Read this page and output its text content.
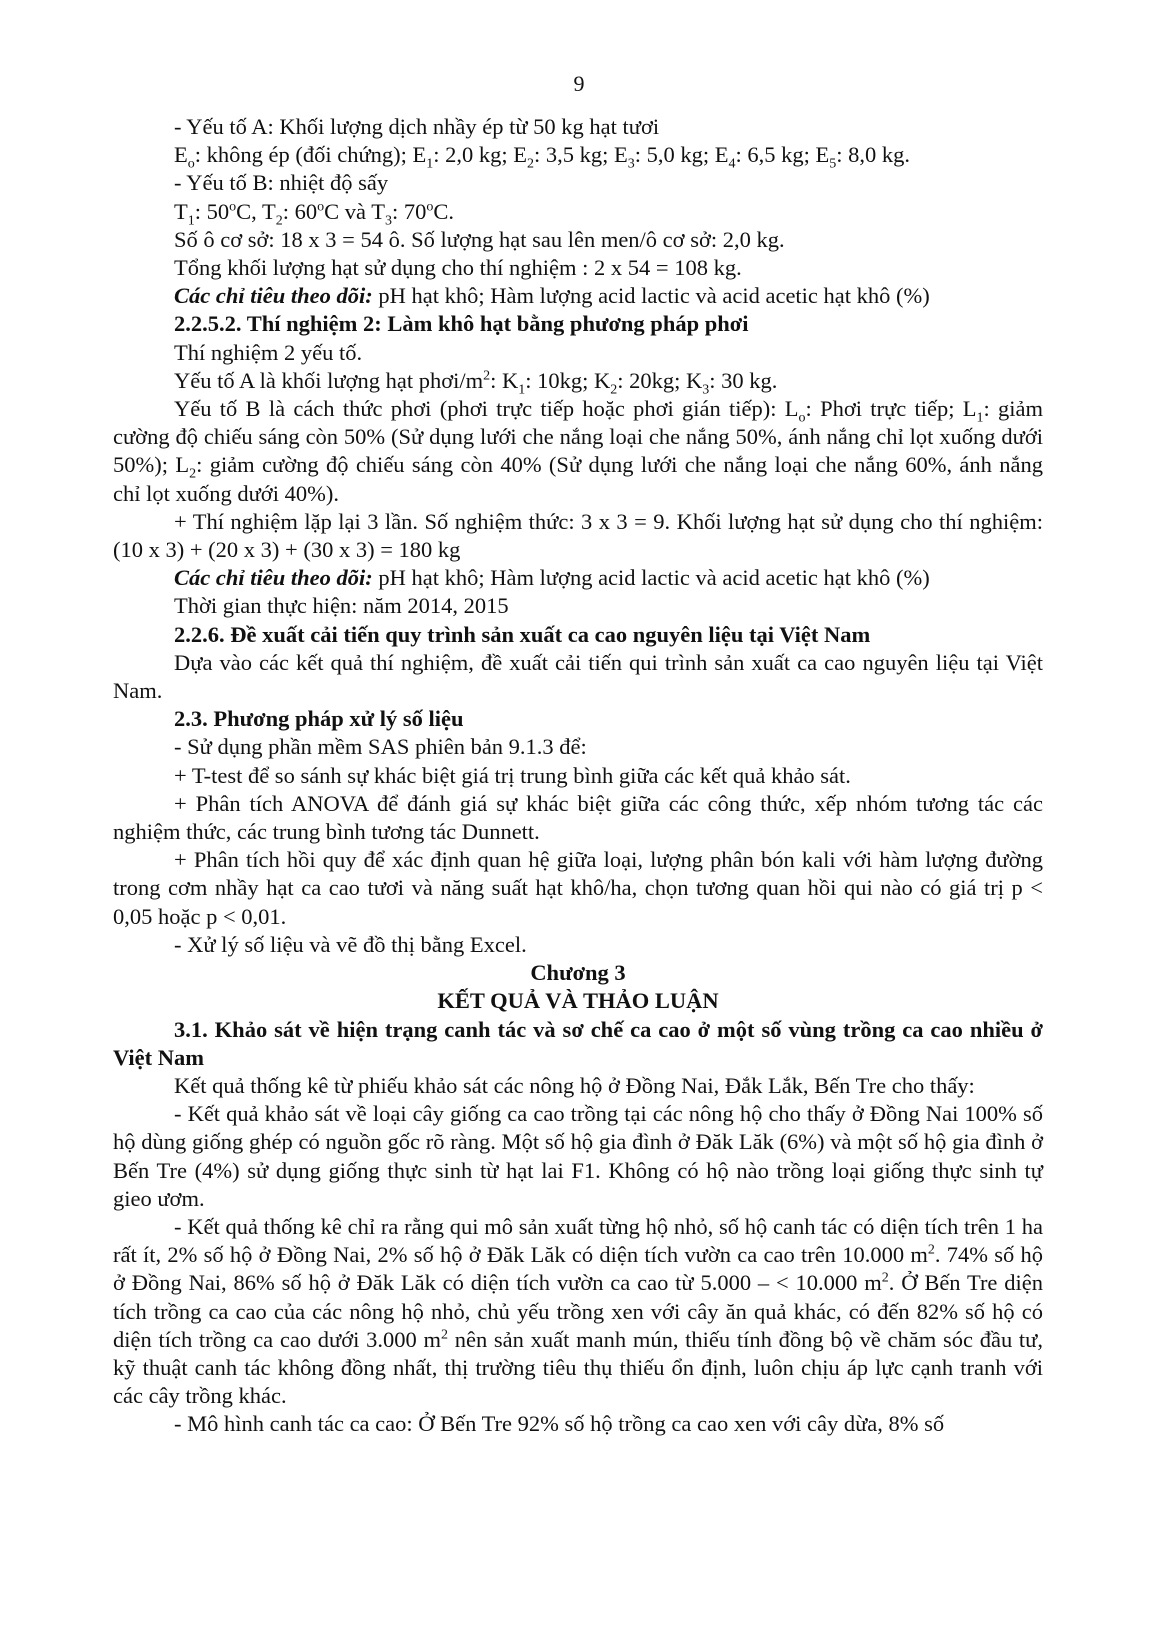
9

- Yếu tố A: Khối lượng dịch nhầy ép từ 50 kg hạt tươi

$E_o$: không ép (đối chứng); $E_1$: 2,0 kg; $E_2$: 3,5 kg; $E_3$: 5,0 kg; $E_4$: 6,5 kg; $E_5$: 8,0 kg.

- Yếu tố B: nhiệt độ sấy

$T_1$: 50$^o$C, $T_2$: 60$^o$C và $T_3$: 70$^o$C.

Số ô cơ sở: 18 x 3 = 54 ô. Số lượng hạt sau lên men/ô cơ sở: 2,0 kg.

Tổng khối lượng hạt sử dụng cho thí nghiệm : 2 x 54 = 108 kg.

Các chỉ tiêu theo dõi: pH hạt khô; Hàm lượng acid lactic và acid acetic hạt khô (%)

2.2.5.2. Thí nghiệm 2: Làm khô hạt bằng phương pháp phơi

Thí nghiệm 2 yếu tố.

Yếu tố A là khối lượng hạt phơi/$m^2$: $K_1$: 10kg; $K_2$: 20kg; $K_3$: 30 kg.

Yếu tố B là cách thức phơi (phơi trực tiếp hoặc phơi gián tiếp): $L_o$: Phơi trực tiếp; $L_1$: giảm cường độ chiếu sáng còn 50% (Sử dụng lưới che nắng loại che nắng 50%, ánh nắng chỉ lọt xuống dưới 50%); $L_2$: giảm cường độ chiếu sáng còn 40% (Sử dụng lưới che nắng loại che nắng 60%, ánh nắng chỉ lọt xuống dưới 40%).

+ Thí nghiệm lặp lại 3 lần. Số nghiệm thức: 3 x 3 = 9. Khối lượng hạt sử dụng cho thí nghiệm: (10 x 3) + (20 x 3) + (30 x 3) = 180 kg

Các chỉ tiêu theo dõi: pH hạt khô; Hàm lượng acid lactic và acid acetic hạt khô (%)

Thời gian thực hiện: năm 2014, 2015

2.2.6. Đề xuất cải tiến quy trình sản xuất ca cao nguyên liệu tại Việt Nam

Dựa vào các kết quả thí nghiệm, đề xuất cải tiến qui trình sản xuất ca cao nguyên liệu tại Việt Nam.

2.3. Phương pháp xử lý số liệu

- Sử dụng phần mềm SAS phiên bản 9.1.3 để:

+ T-test để so sánh sự khác biệt giá trị trung bình giữa các kết quả khảo sát.

+ Phân tích ANOVA để đánh giá sự khác biệt giữa các công thức, xếp nhóm tương tác các nghiệm thức, các trung bình tương tác Dunnett.

+ Phân tích hồi quy để xác định quan hệ giữa loại, lượng phân bón kali với hàm lượng đường trong cơm nhầy hạt ca cao tươi và năng suất hạt khô/ha, chọn tương quan hồi qui nào có giá trị p < 0,05 hoặc p < 0,01.

- Xử lý số liệu và vẽ đồ thị bằng Excel.

Chương 3

KẾT QUẢ VÀ THẢO LUẬN

3.1. Khảo sát về hiện trạng canh tác và sơ chế ca cao ở một số vùng trồng ca cao nhiều ở Việt Nam

Kết quả thống kê từ phiếu khảo sát các nông hộ ở Đồng Nai, Đắk Lắk, Bến Tre cho thấy:

- Kết quả khảo sát về loại cây giống ca cao trồng tại các nông hộ cho thấy ở Đồng Nai 100% số hộ dùng giống ghép có nguồn gốc rõ ràng. Một số hộ gia đình ở Đăk Lăk (6%) và một số hộ gia đình ở Bến Tre (4%) sử dụng giống thực sinh từ hạt lai F1. Không có hộ nào trồng loại giống thực sinh tự gieo ươm.

- Kết quả thống kê chỉ ra rằng qui mô sản xuất từng hộ nhỏ, số hộ canh tác có diện tích trên 1 ha rất ít, 2% số hộ ở Đồng Nai, 2% số hộ ở Đăk Lăk có diện tích vườn ca cao trên 10.000 $m^2$. 74% số hộ ở Đồng Nai, 86% số hộ ở Đăk Lăk có diện tích vườn ca cao từ 5.000 – < 10.000 $m^2$. Ở Bến Tre diện tích trồng ca cao của các nông hộ nhỏ, chủ yếu trồng xen với cây ăn quả khác, có đến 82% số hộ có diện tích trồng ca cao dưới 3.000 $m^2$ nên sản xuất manh mún, thiếu tính đồng bộ về chăm sóc đầu tư, kỹ thuật canh tác không đồng nhất, thị trường tiêu thụ thiếu ổn định, luôn chịu áp lực cạnh tranh với các cây trồng khác.

- Mô hình canh tác ca cao: Ở Bến Tre 92% số hộ trồng ca cao xen với cây dừa, 8% số
